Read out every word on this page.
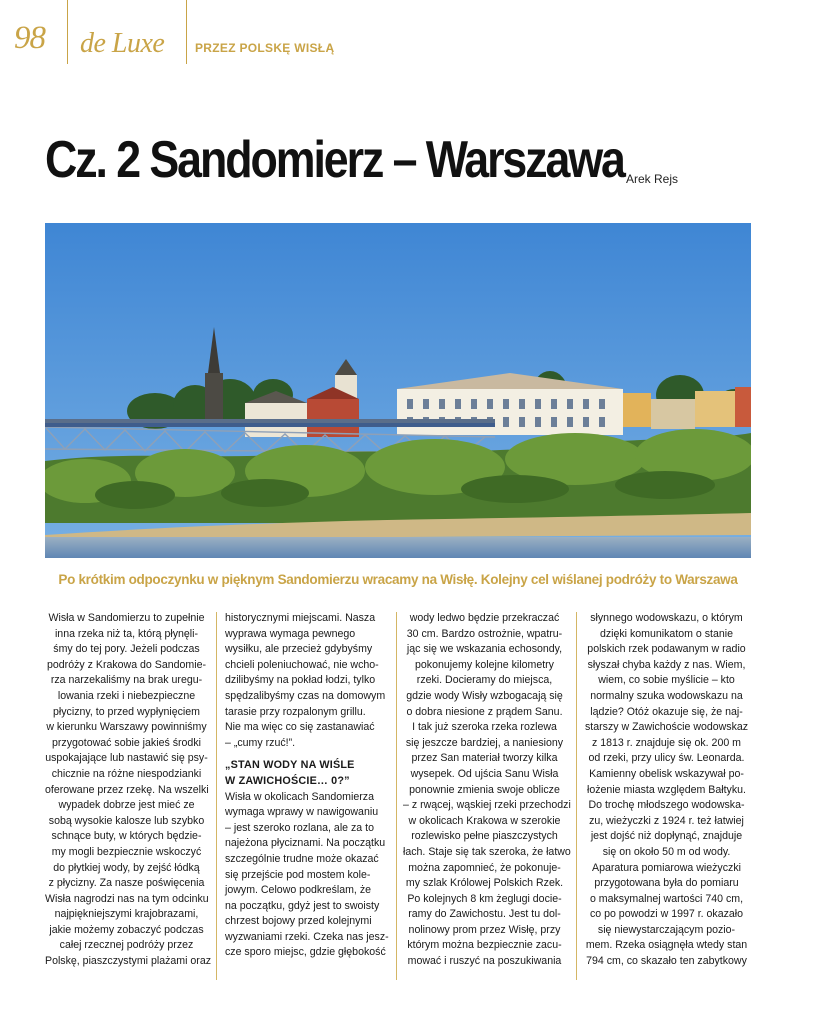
98 de Luxe	PRZEZ POLSKĘ WISŁĄ
Cz. 2 Sandomierz – Warszawa Arek Rejs
Po krótkim odpoczynku w pięknym Sandomierzu wracamy na Wisłę. Kolejny cel wiślanej podróży to Warszawa
Wisła w Sandomierzu to zupełnie
inna rzeka niż ta, którą płynęli-
śmy do tej pory. Jeżeli podczas
podróży z Krakowa do Sandomie-
rza narzekaliśmy na brak uregu-
lowania rzeki i niebezpieczne
płycizny, to przed wypłynięciem
w kierunku Warszawy powinniśmy
przygotować sobie jakieś środki
uspokajające lub nastawić się psy-
chicznie na różne niespodzianki
oferowane przez rzekę. Na wszelki
wypadek dobrze jest mieć ze
sobą wysokie kalosze lub szybko
schnące buty, w których będzie-
my mogli bezpiecznie wskoczyć
do płytkiej wody, by zejść łódką
z płycizny. Za nasze poświęcenia
Wisła nagrodzi nas na tym odcinku
najpiękniejszymi krajobrazami,
jakie możemy zobaczyć podczas
całej rzecznej podróży przez
Polskę, piaszczystymi plażami oraz
historycznymi miejscami. Nasza
wyprawa wymaga pewnego
wysiłku, ale przecież gdybyśmy
chcieli poleniuchować, nie wcho-
dzilibyśmy na pokład łodzi, tylko
spędzalibyśmy czas na domowym
tarasie przy rozpalonym grillu.
Nie ma więc co się zastanawiać
– „cumy rzuć!”.
„STAN WODY NA WIŚLE
W ZAWICHOŚCIE… 0?”
Wisła w okolicach Sandomierza
wymaga wprawy w nawigowaniu
– jest szeroko rozlana, ale za to
najeżona płyciznami. Na początku
szczególnie trudne może okazać
się przejście pod mostem kole-
jowym. Celowo podkreślam, że
na początku, gdyż jest to swoisty
chrzest bojowy przed kolejnymi
wyzwaniami rzeki. Czeka nas jesz-
cze sporo miejsc, gdzie głębokość
wody ledwo będzie przekraczać
30 cm. Bardzo ostrożnie, wpatru-
jąc się we wskazania echosondy,
pokonujemy kolejne kilometry
rzeki. Docieramy do miejsca,
gdzie wody Wisły wzbogacają się
o dobra niesione z prądem Sanu.
I tak już szeroka rzeka rozlewa
się jeszcze bardziej, a naniesiony
przez San materiał tworzy kilka
wysepek. Od ujścia Sanu Wisła
ponownie zmienia swoje oblicze
– z rwącej, wąskiej rzeki przechodzi
w okolicach Krakowa w szerokie
rozlewisko pełne piaszczystych
łach. Staje się tak szeroka, że łatwo
można zapomnieć, że pokonuje-
my szlak Królowej Polskich Rzek.
Po kolejnych 8 km żeglugi docie-
ramy do Zawichostu. Jest tu dol-
nolinowy prom przez Wisłę, przy
którym można bezpiecznie zacu-
mować i ruszyć na poszukiwania
słynnego wodowskazu, o którym
dzięki komunikatom o stanie
polskich rzek podawanym w radio
słyszał chyba każdy z nas. Wiem,
wiem, co sobie myślicie – kto
normalny szuka wodowskazu na
lądzie? Otóż okazuje się, że naj-
starszy w Zawichoście wodowskaz
z 1813 r. znajduje się ok. 200 m
od rzeki, przy ulicy św. Leonarda.
Kamienny obelisk wskazywał po-
łożenie miasta względem Bałtyku.
Do trochę młodszego wodowska-
zu, wieżyczki z 1924 r. też łatwiej
jest dojść niż dopłynąć, znajduje
się on około 50 m od wody.
Aparatura pomiarowa wieżyczki
przygotowana była do pomiaru
o maksymalnej wartości 740 cm,
co po powodzi w 1997 r. okazało
się niewystarczającym pozio-
mem. Rzeka osiągnęła wtedy stan
794 cm, co skazało ten zabytkowy
